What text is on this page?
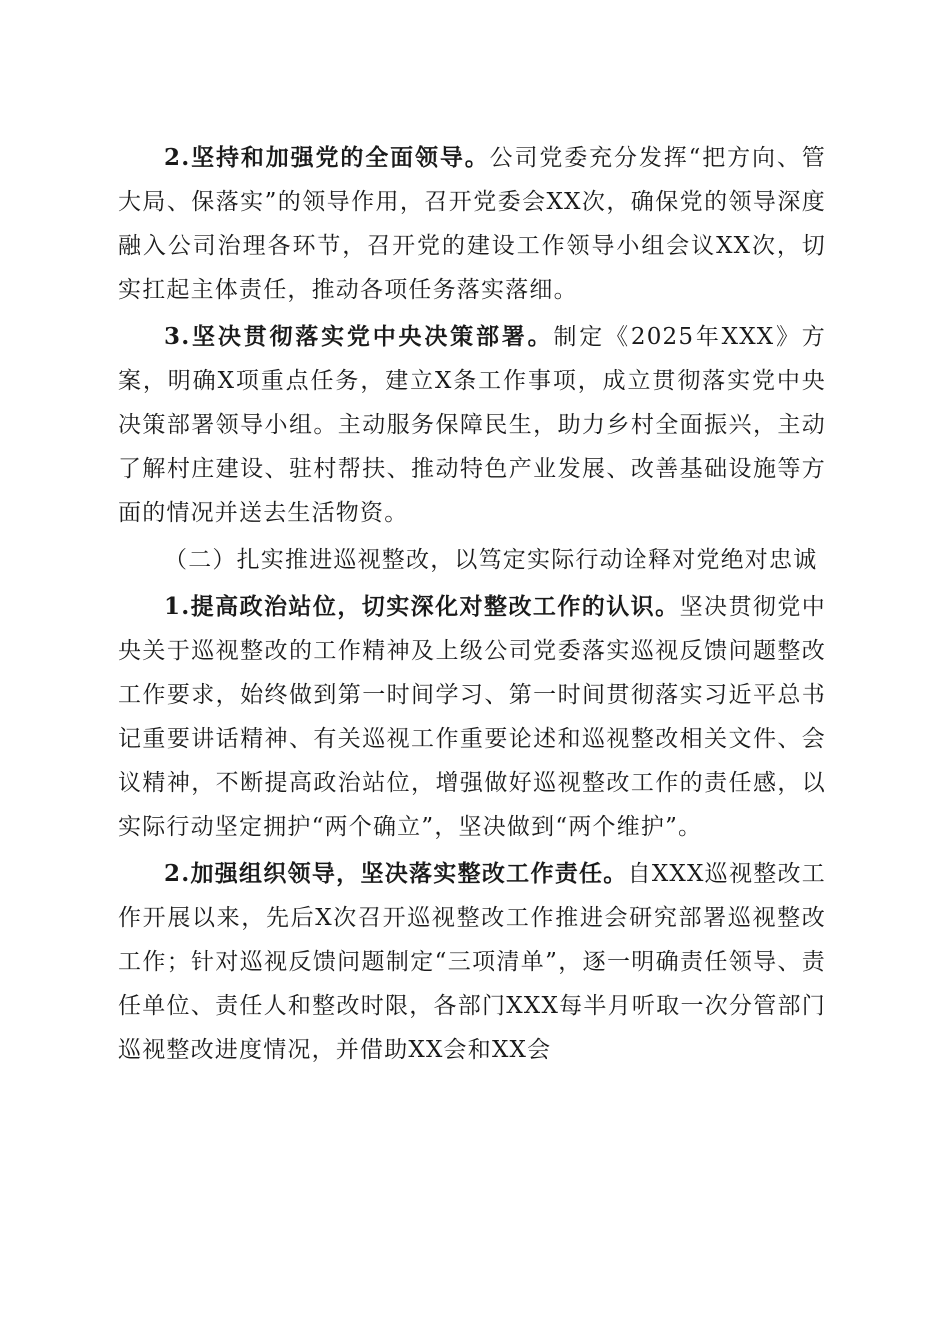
2.坚持和加强党的全面领导。公司党委充分发挥“把方向、管大局、保落实”的领导作用，召开党委会XX次，确保党的领导深度融入公司治理各环节，召开党的建设工作领导小组会议XX次，切实扛起主体责任，推动各项任务落实落细。

3.坚决贯彻落实党中央决策部署。制定《2025年XXX》方案，明确X项重点任务，建立X条工作事项，成立贯彻落实党中央决策部署领导小组。主动服务保障民生，助力乡村全面振兴，主动了解村庄建设、驻村帮扶、推动特色产业发展、改善基础设施等方面的情况并送去生活物资。

（二）扎实推进巡视整改，以笃定实际行动诠释对党绝对忠诚

1.提高政治站位，切实深化对整改工作的认识。坚决贯彻党中央关于巡视整改的工作精神及上级公司党委落实巡视反馈问题整改工作要求，始终做到第一时间学习、第一时间贯彻落实习近平总书记重要讲话精神、有关巡视工作重要论述和巡视整改相关文件、会议精神，不断提高政治站位，增强做好巡视整改工作的责任感，以实际行动坚定拥护“两个确立”，坚决做到“两个维护”。

2.加强组织领导，坚决落实整改工作责任。自XXX巡视整改工作开展以来，先后X次召开巡视整改工作推进会研究部署巡视整改工作；针对巡视反馈问题制定“三项清单”，逐一明确责任领导、责任单位、责任人和整改时限，各部门XXX每半月听取一次分管部门巡视整改进度情况，并借助XX会和XX会
